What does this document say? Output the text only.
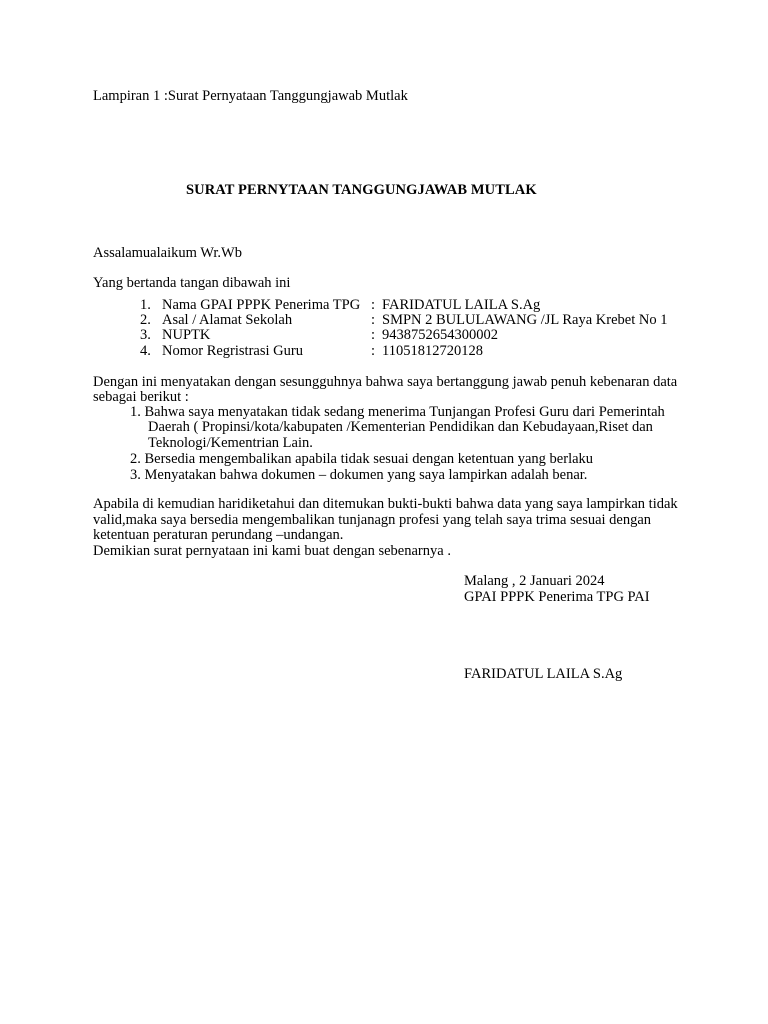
Lampiran 1 :Surat Pernyataan Tanggungjawab Mutlak
SURAT PERNYTAAN TANGGUNGJAWAB MUTLAK
Assalamualaikum Wr.Wb
Yang bertanda tangan dibawah ini
1. Nama GPAI PPPK Penerima TPG : FARIDATUL LAILA S.Ag
2. Asal / Alamat Sekolah	: SMPN 2 BULULAWANG /JL Raya Krebet No 1
3. NUPTK	: 9438752654300002
4. Nomor Regristrasi Guru	: 11051812720128
Dengan ini menyatakan dengan sesungguhnya bahwa saya bertanggung jawab penuh kebenaran data
sebagai berikut :
1. Bahwa saya menyatakan tidak sedang menerima Tunjangan Profesi Guru dari Pemerintah
Daerah ( Propinsi/kota/kabupaten /Kementerian Pendidikan dan Kebudayaan,Riset dan
Teknologi/Kementrian Lain.
2. Bersedia mengembalikan apabila tidak sesuai dengan ketentuan yang berlaku
3. Menyatakan bahwa dokumen – dokumen yang saya lampirkan adalah benar.
Apabila di kemudian haridiketahui dan ditemukan bukti-bukti bahwa data yang saya lampirkan tidak
valid,maka saya bersedia mengembalikan tunjanagn profesi yang telah saya trima sesuai dengan
ketentuan peraturan perundang –undangan.
Demikian surat pernyataan ini kami buat dengan sebenarnya .
Malang , 2 Januari 2024
GPAI PPPK Penerima TPG PAI
FARIDATUL LAILA S.Ag
